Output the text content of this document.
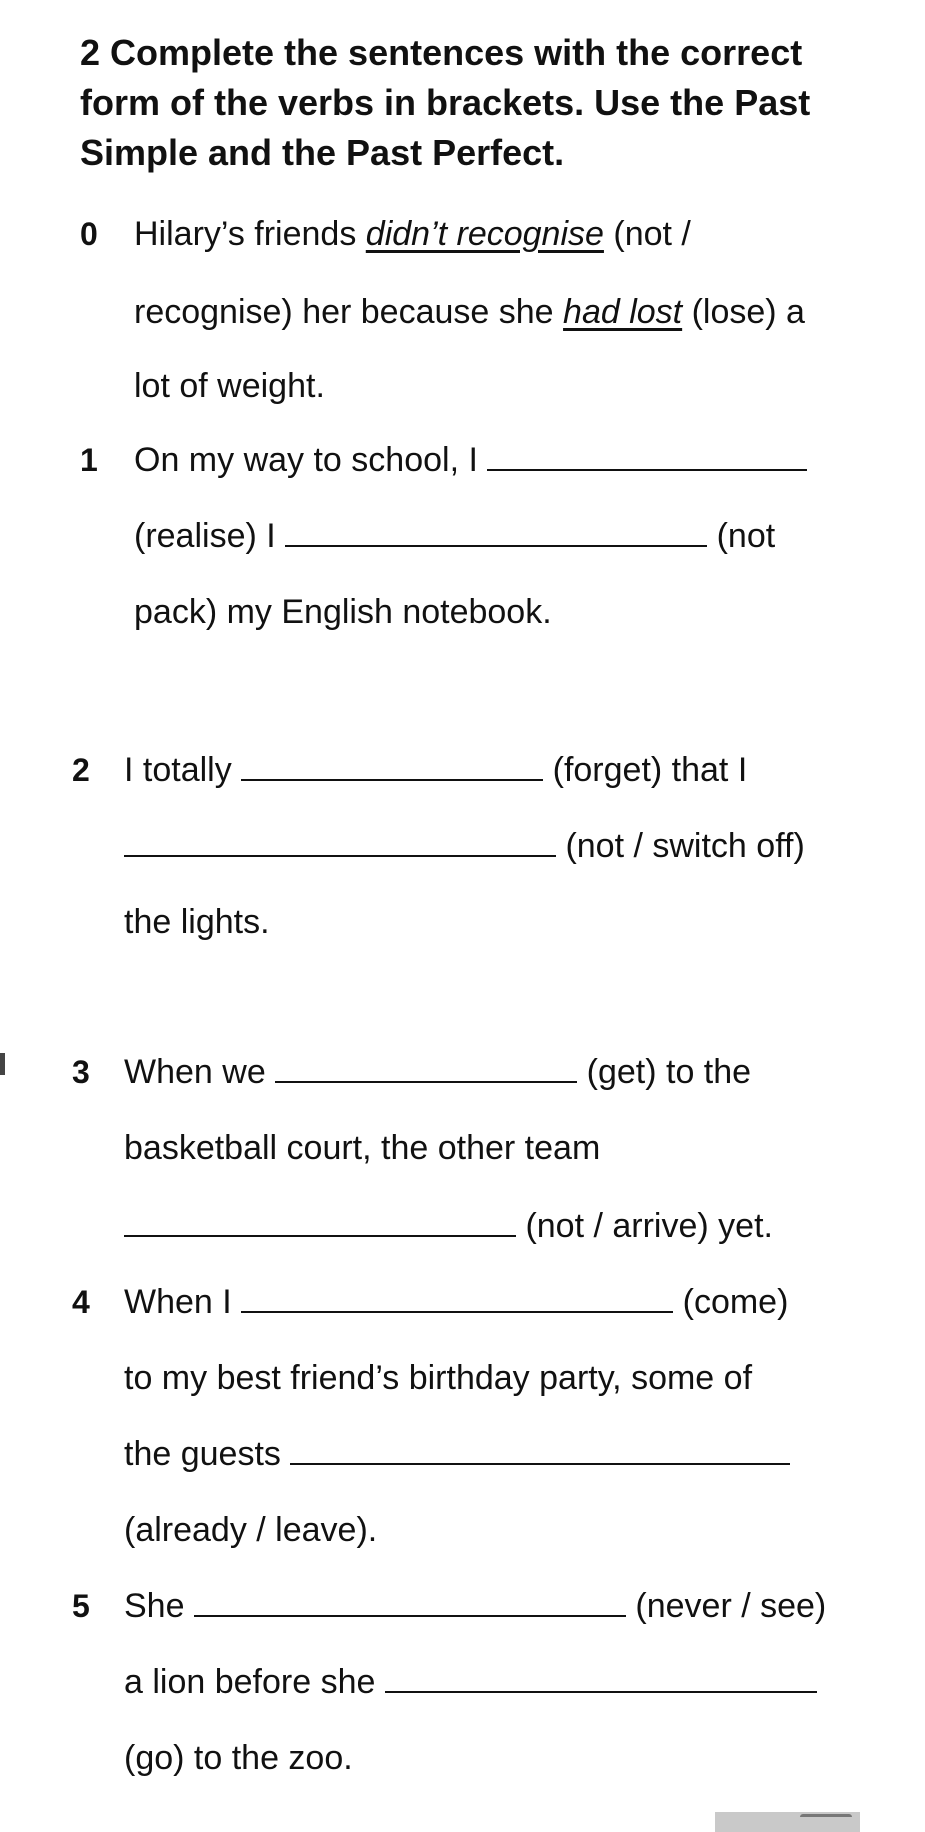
2 Complete the sentences with the correct form of the verbs in brackets. Use the Past Simple and the Past Perfect.
0 Hilary’s friends didn’t recognise (not /
recognise) her because she had lost (lose) a
lot of weight.
1 On my way to school, I
(realise) I	(not
pack) my English notebook.
2 I totally	(forget) that I
(not / switch off)
the lights.
3 When we	(get) to the
basketball court, the other team
(not / arrive) yet.
4 When I	(come)
to my best friend’s birthday party, some of
the guests
(already / leave).
5 She	(never / see)
a lion before she
(go) to the zoo.
